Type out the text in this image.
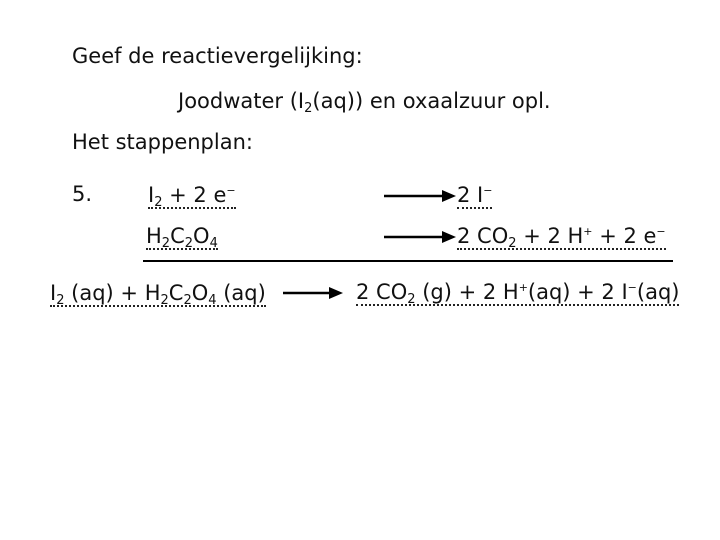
Geef de reactievergelijking:
Joodwater $(I_2(aq))$ en oxaalzuur opl.
Het stappenplan:
5.	$I_2 + 2$ e−	2 I−
$H_2C_2O_4$	2 $CO_2 + 2$ H+ + 2 e−
$I_2$ $(aq) + H_2C_2O_4$ (aq)	2 $CO_2$ (g) + 2 H+(aq) + 2 I−(aq)
